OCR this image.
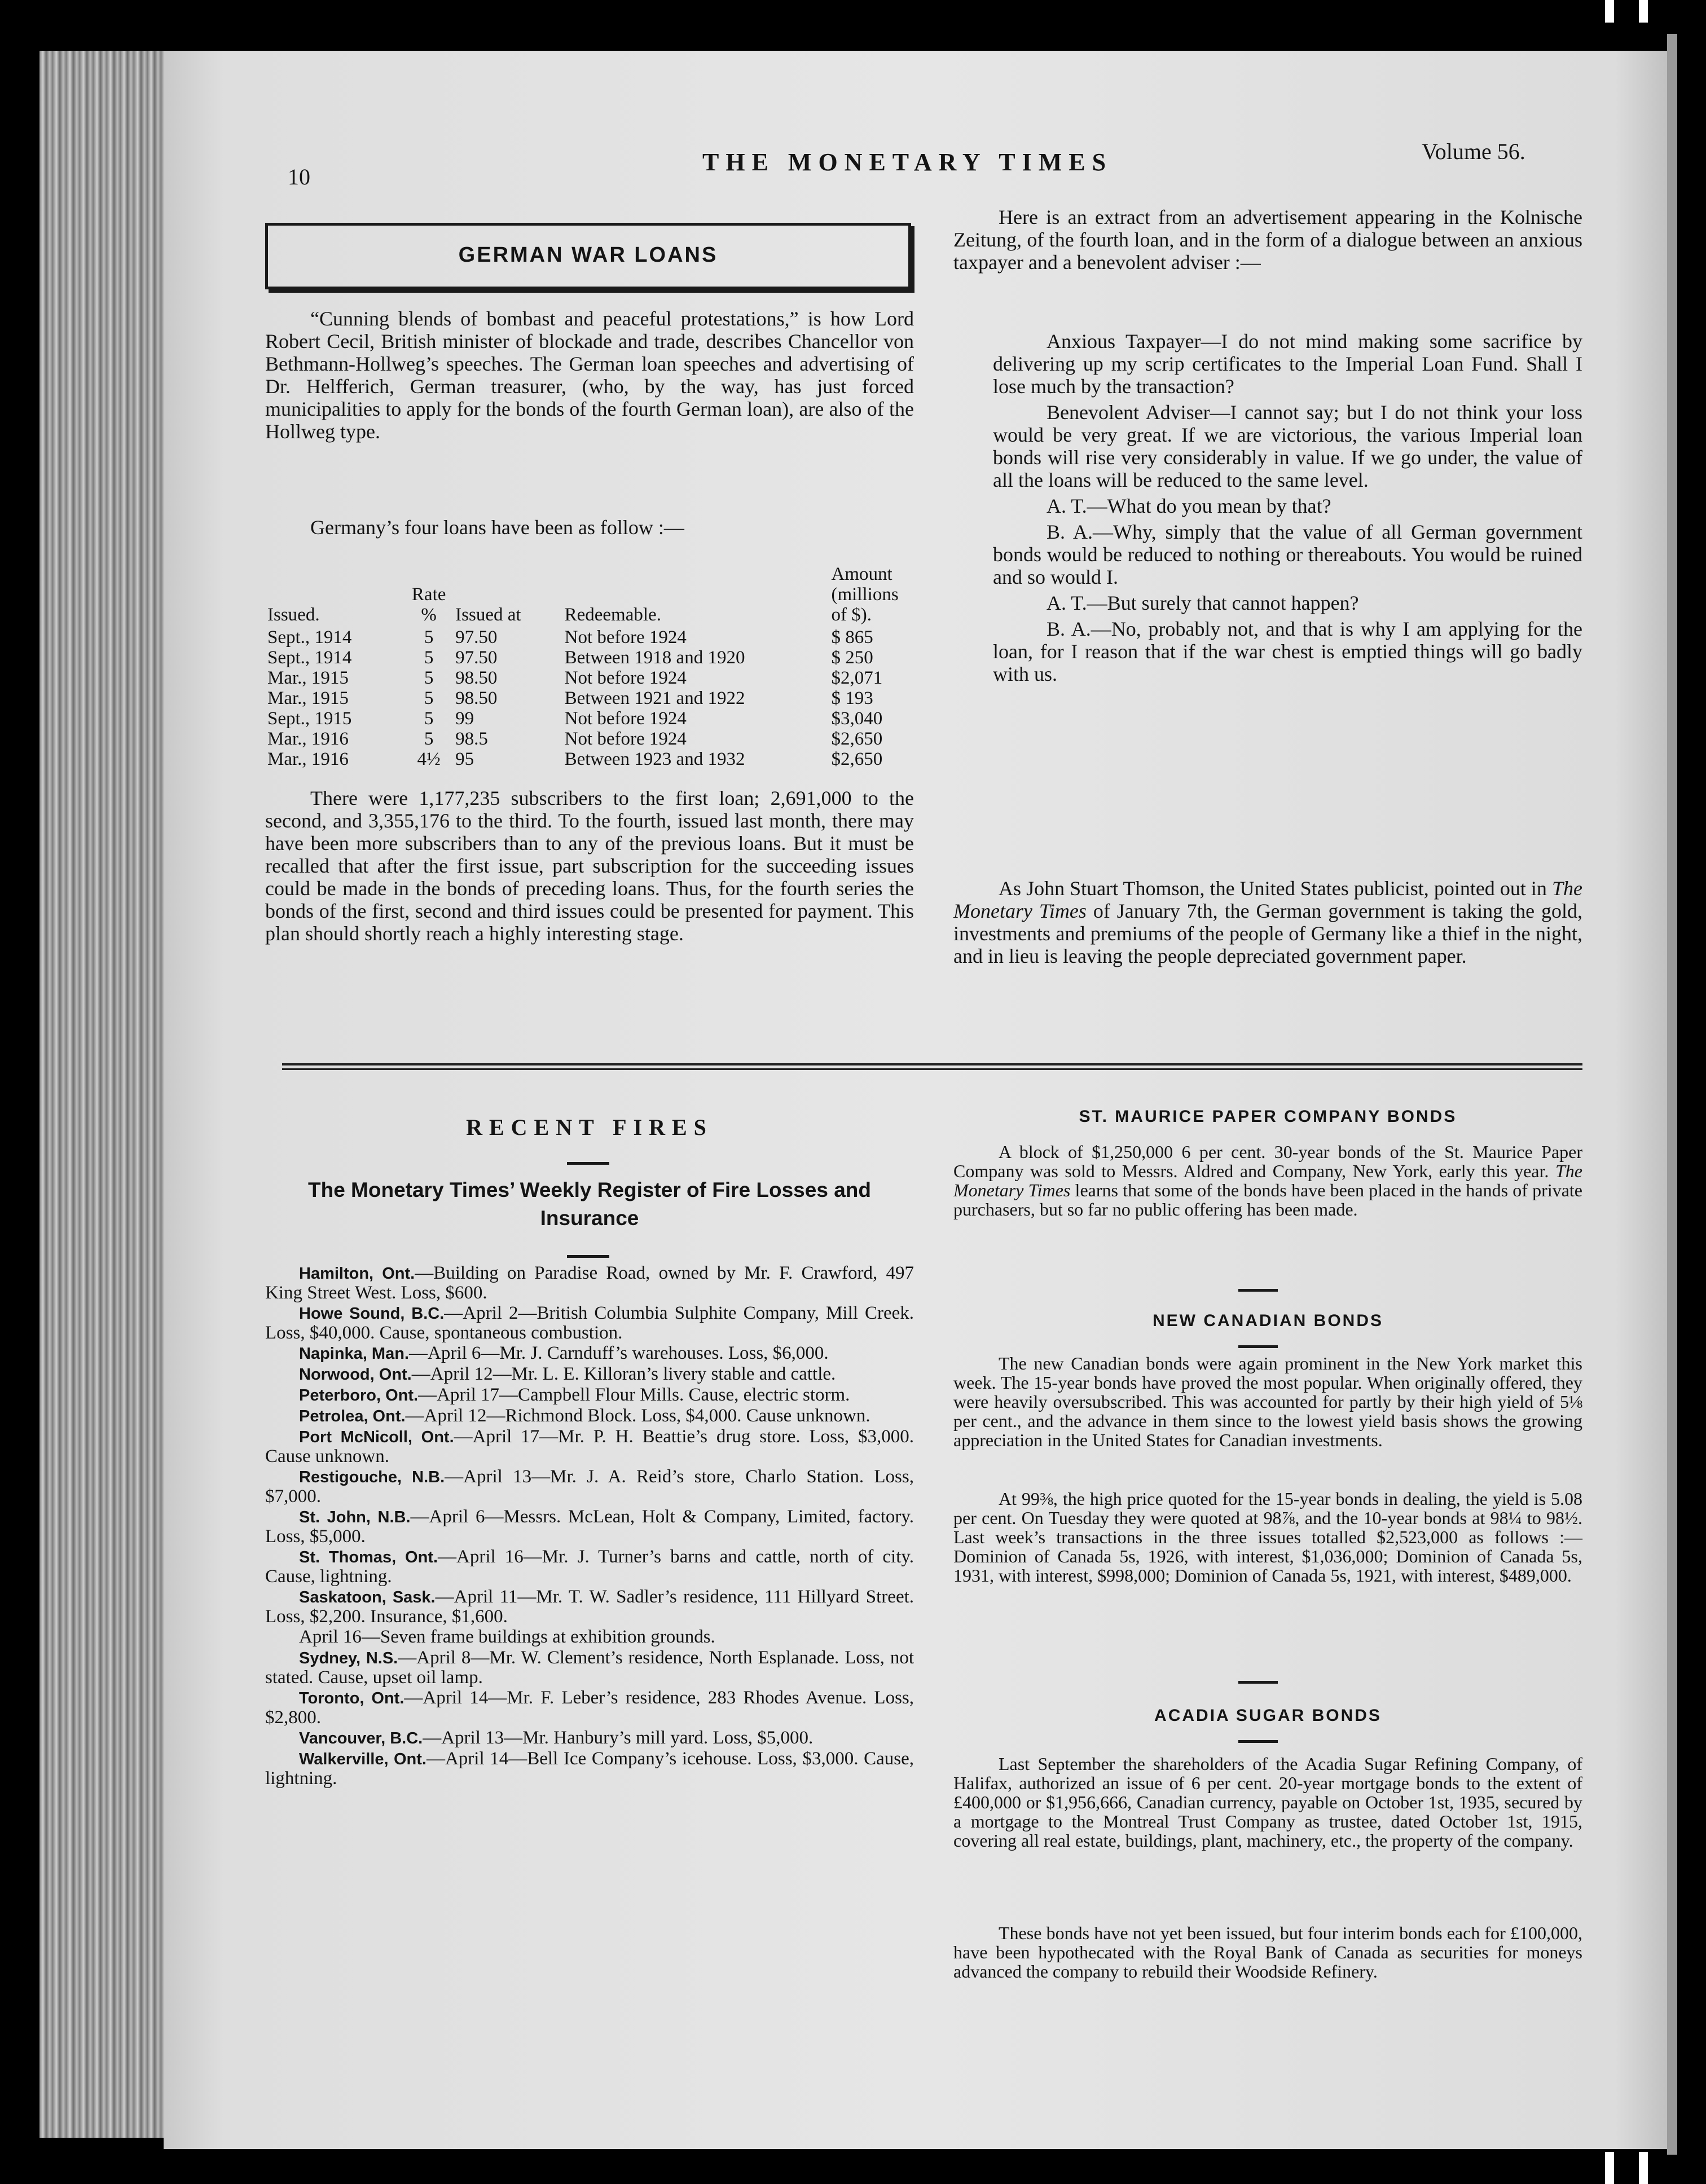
10
THE MONETARY TIMES	Volume 56.
GERMAN WAR LOANS
“Cunning blends of bombast and peaceful protestations,” is how Lord Robert Cecil, British minister of blockade and trade, describes Chancellor von Bethmann-Hollweg’s speeches. The German loan speeches and advertising of Dr. Helfferich, German treasurer, (who, by the way, has just forced municipalities to apply for the bonds of the fourth German loan), are also of the Hollweg type.
Germany’s four loans have been as follow :—
Issued.	Rate %	Issued at	Redeemable.	Amount (millions of $).
Sept., 1914	5	97.50	Not before 1924	$ 865
Sept., 1914	5	97.50	Between 1918 and 1920	$ 250
Mar., 1915	5	98.50	Not before 1924	$2,071
Mar., 1915	5	98.50	Between 1921 and 1922	$ 193
Sept., 1915	5	99	Not before 1924	$3,040
Mar., 1916	5	98.5	Not before 1924	$2,650
Mar., 1916	4½	95	Between 1923 and 1932	$2,650
There were 1,177,235 subscribers to the first loan; 2,691,000 to the second, and 3,355,176 to the third. To the fourth, issued last month, there may have been more subscribers than to any of the previous loans. But it must be recalled that after the first issue, part subscription for the succeeding issues could be made in the bonds of preceding loans. Thus, for the fourth series the bonds of the first, second and third issues could be presented for payment. This plan should shortly reach a highly interesting stage.
Here is an extract from an advertisement appearing in the Kolnische Zeitung, of the fourth loan, and in the form of a dialogue between an anxious taxpayer and a benevolent adviser :—
Anxious Taxpayer—I do not mind making some sacrifice by delivering up my scrip certificates to the Imperial Loan Fund. Shall I lose much by the transaction?
Benevolent Adviser—I cannot say; but I do not think your loss would be very great. If we are victorious, the various Imperial loan bonds will rise very considerably in value. If we go under, the value of all the loans will be reduced to the same level.
A. T.—What do you mean by that?
B. A.—Why, simply that the value of all German government bonds would be reduced to nothing or thereabouts. You would be ruined and so would I.
A. T.—But surely that cannot happen?
B. A.—No, probably not, and that is why I am applying for the loan, for I reason that if the war chest is emptied things will go badly with us.
As John Stuart Thomson, the United States publicist, pointed out in The Monetary Times of January 7th, the German government is taking the gold, investments and premiums of the people of Germany like a thief in the night, and in lieu is leaving the people depreciated government paper.
RECENT FIRES
The Monetary Times’ Weekly Register of Fire Losses and Insurance
Hamilton, Ont.—Building on Paradise Road, owned by Mr. F. Crawford, 497 King Street West. Loss, $600.
Howe Sound, B.C.—April 2—British Columbia Sulphite Company, Mill Creek. Loss, $40,000. Cause, spontaneous combustion.
Napinka, Man.—April 6—Mr. J. Carnduff’s warehouses. Loss, $6,000.
Norwood, Ont.—April 12—Mr. L. E. Killoran’s livery stable and cattle.
Peterboro, Ont.—April 17—Campbell Flour Mills. Cause, electric storm.
Petrolea, Ont.—April 12—Richmond Block. Loss, $4,000. Cause unknown.
Port McNicoll, Ont.—April 17—Mr. P. H. Beattie’s drug store. Loss, $3,000. Cause unknown.
Restigouche, N.B.—April 13—Mr. J. A. Reid’s store, Charlo Station. Loss, $7,000.
St. John, N.B.—April 6—Messrs. McLean, Holt & Company, Limited, factory. Loss, $5,000.
St. Thomas, Ont.—April 16—Mr. J. Turner’s barns and cattle, north of city. Cause, lightning.
Saskatoon, Sask.—April 11—Mr. T. W. Sadler’s residence, 111 Hillyard Street. Loss, $2,200. Insurance, $1,600.
April 16—Seven frame buildings at exhibition grounds.
Sydney, N.S.—April 8—Mr. W. Clement’s residence, North Esplanade. Loss, not stated. Cause, upset oil lamp.
Toronto, Ont.—April 14—Mr. F. Leber’s residence, 283 Rhodes Avenue. Loss, $2,800.
Vancouver, B.C.—April 13—Mr. Hanbury’s mill yard. Loss, $5,000.
Walkerville, Ont.—April 14—Bell Ice Company’s icehouse. Loss, $3,000. Cause, lightning.
ST. MAURICE PAPER COMPANY BONDS
A block of $1,250,000 6 per cent. 30-year bonds of the St. Maurice Paper Company was sold to Messrs. Aldred and Company, New York, early this year. The Monetary Times learns that some of the bonds have been placed in the hands of private purchasers, but so far no public offering has been made.
NEW CANADIAN BONDS
The new Canadian bonds were again prominent in the New York market this week. The 15-year bonds have proved the most popular. When originally offered, they were heavily oversubscribed. This was accounted for partly by their high yield of 5⅛ per cent., and the advance in them since to the lowest yield basis shows the growing appreciation in the United States for Canadian investments.
At 99⅜, the high price quoted for the 15-year bonds in dealing, the yield is 5.08 per cent. On Tuesday they were quoted at 98⅞, and the 10-year bonds at 98¼ to 98½. Last week’s transactions in the three issues totalled $2,523,000 as follows :—Dominion of Canada 5s, 1926, with interest, $1,036,000; Dominion of Canada 5s, 1931, with interest, $998,000; Dominion of Canada 5s, 1921, with interest, $489,000.
ACADIA SUGAR BONDS
Last September the shareholders of the Acadia Sugar Refining Company, of Halifax, authorized an issue of 6 per cent. 20-year mortgage bonds to the extent of £400,000 or $1,956,666, Canadian currency, payable on October 1st, 1935, secured by a mortgage to the Montreal Trust Company as trustee, dated October 1st, 1915, covering all real estate, buildings, plant, machinery, etc., the property of the company.
These bonds have not yet been issued, but four interim bonds each for £100,000, have been hypothecated with the Royal Bank of Canada as securities for moneys advanced the company to rebuild their Woodside Refinery.
